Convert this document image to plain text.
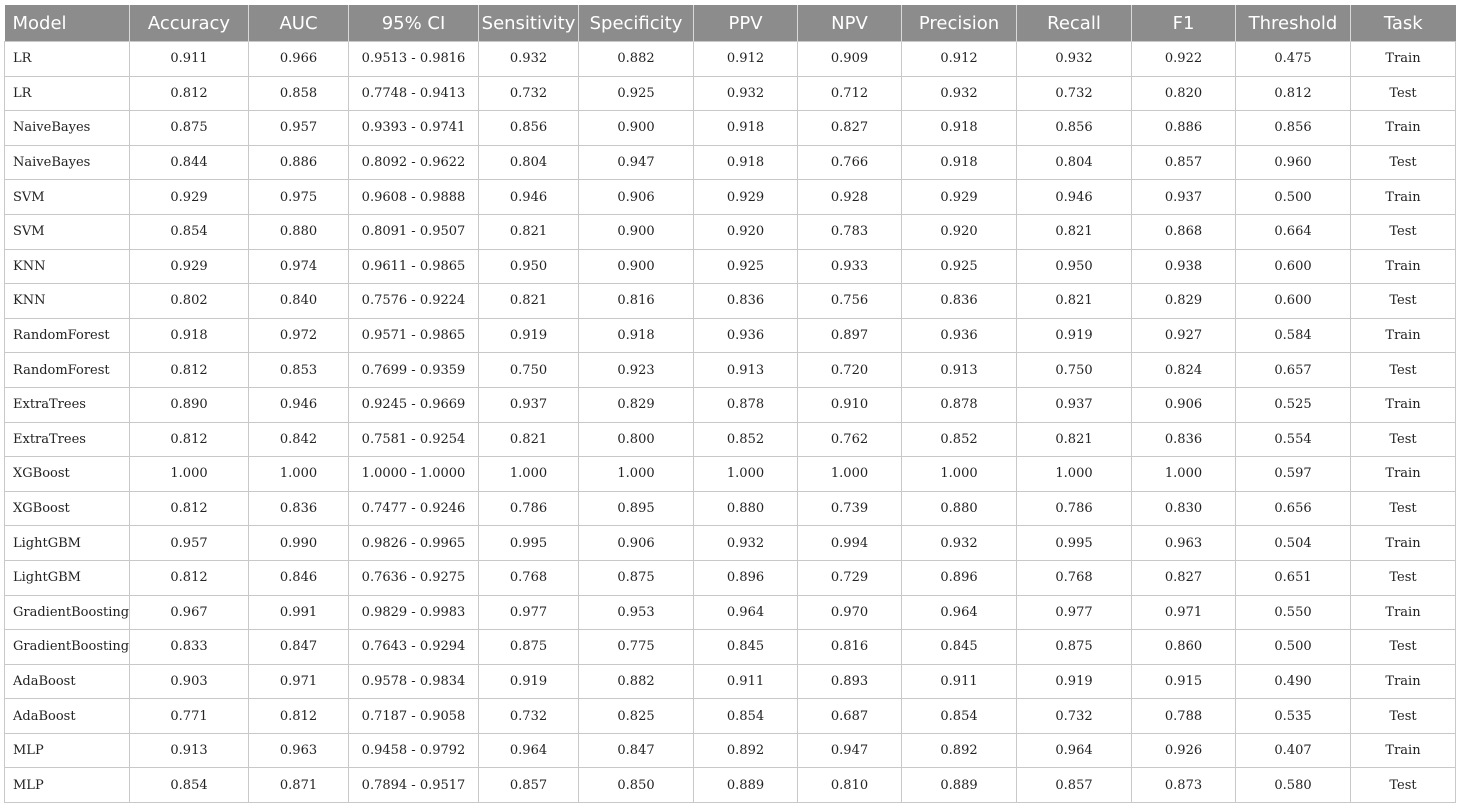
Model	Accuracy	AUC	95% CI	Sensitivity	Specificity	PPV	NPV	Precision	Recall	F1	Threshold	Task
LR	0.911	0.966	0.9513 - 0.9816	0.932	0.882	0.912	0.909	0.912	0.932	0.922	0.475	Train
LR	0.812	0.858	0.7748 - 0.9413	0.732	0.925	0.932	0.712	0.932	0.732	0.820	0.812	Test
NaiveBayes	0.875	0.957	0.9393 - 0.9741	0.856	0.900	0.918	0.827	0.918	0.856	0.886	0.856	Train
NaiveBayes	0.844	0.886	0.8092 - 0.9622	0.804	0.947	0.918	0.766	0.918	0.804	0.857	0.960	Test
SVM	0.929	0.975	0.9608 - 0.9888	0.946	0.906	0.929	0.928	0.929	0.946	0.937	0.500	Train
SVM	0.854	0.880	0.8091 - 0.9507	0.821	0.900	0.920	0.783	0.920	0.821	0.868	0.664	Test
KNN	0.929	0.974	0.9611 - 0.9865	0.950	0.900	0.925	0.933	0.925	0.950	0.938	0.600	Train
KNN	0.802	0.840	0.7576 - 0.9224	0.821	0.816	0.836	0.756	0.836	0.821	0.829	0.600	Test
RandomForest	0.918	0.972	0.9571 - 0.9865	0.919	0.918	0.936	0.897	0.936	0.919	0.927	0.584	Train
RandomForest	0.812	0.853	0.7699 - 0.9359	0.750	0.923	0.913	0.720	0.913	0.750	0.824	0.657	Test
ExtraTrees	0.890	0.946	0.9245 - 0.9669	0.937	0.829	0.878	0.910	0.878	0.937	0.906	0.525	Train
ExtraTrees	0.812	0.842	0.7581 - 0.9254	0.821	0.800	0.852	0.762	0.852	0.821	0.836	0.554	Test
XGBoost	1.000	1.000	1.0000 - 1.0000	1.000	1.000	1.000	1.000	1.000	1.000	1.000	0.597	Train
XGBoost	0.812	0.836	0.7477 - 0.9246	0.786	0.895	0.880	0.739	0.880	0.786	0.830	0.656	Test
LightGBM	0.957	0.990	0.9826 - 0.9965	0.995	0.906	0.932	0.994	0.932	0.995	0.963	0.504	Train
LightGBM	0.812	0.846	0.7636 - 0.9275	0.768	0.875	0.896	0.729	0.896	0.768	0.827	0.651	Test
GradientBoosting	0.967	0.991	0.9829 - 0.9983	0.977	0.953	0.964	0.970	0.964	0.977	0.971	0.550	Train
GradientBoosting	0.833	0.847	0.7643 - 0.9294	0.875	0.775	0.845	0.816	0.845	0.875	0.860	0.500	Test
AdaBoost	0.903	0.971	0.9578 - 0.9834	0.919	0.882	0.911	0.893	0.911	0.919	0.915	0.490	Train
AdaBoost	0.771	0.812	0.7187 - 0.9058	0.732	0.825	0.854	0.687	0.854	0.732	0.788	0.535	Test
MLP	0.913	0.963	0.9458 - 0.9792	0.964	0.847	0.892	0.947	0.892	0.964	0.926	0.407	Train
MLP	0.854	0.871	0.7894 - 0.9517	0.857	0.850	0.889	0.810	0.889	0.857	0.873	0.580	Test
